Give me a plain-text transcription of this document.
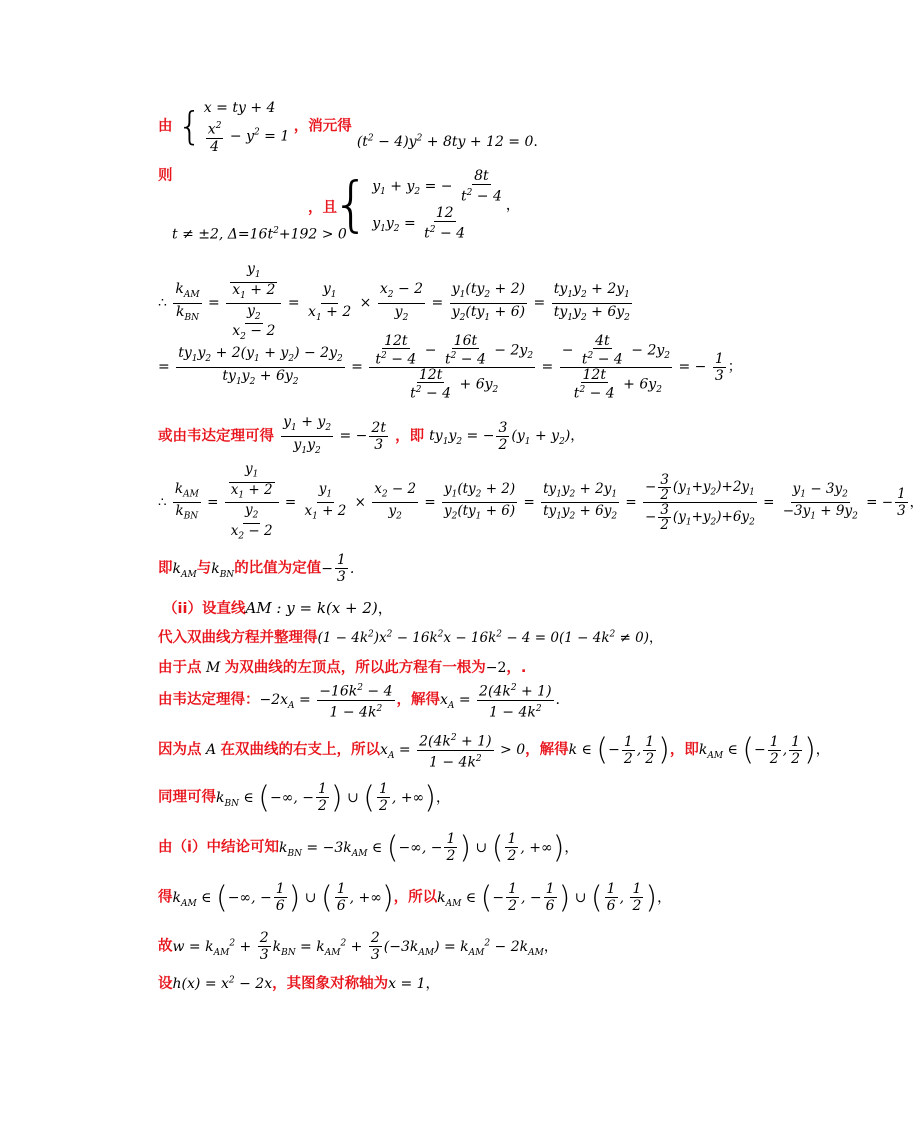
由 { x = ty + 4
$\frac{x^2}{4} - y^2 = 1$
，消元得 $(t^2 - 4)y^2 + 8ty + 12 = 0$.
则
t ≠ ±2, $\Delta=16t^2+192 > 0$
，且
{ $y_1 + y_2$ = − $\frac{8t}{t^2 - 4}$
$y_1y_2 = \frac{12}{t^2 - 4}$	，
∴ $\frac{k_{AM}}{k_{BN}} = \frac{\frac{y_1}{x_1 + 2}}{\frac{y_2}{x_2 - 2}} = \frac{y_1}{x_1 + 2} \times \frac{x_2 - 2}{y_2} = \frac{y_1(ty_2 + 2)}{y_2(ty_1 + 6)} = \frac{ty_1y_2 + 2y_1}{ty_1y_2 + 6y_2}$
= $\frac{ty_1y_2 + 2(y_1 + y_2) - 2y_2}{ty_1y_2 + 6y_2} = \frac{\frac{12t}{t^2 - 4} - \frac{16t}{t^2 - 4} - 2y_2}{\frac{12t}{t^2 - 4} + 6y_2} = \frac{- \frac{4t}{t^2 - 4} - 2y_2}{\frac{12t}{t^2 - 4} + 6y_2}$ = − $\frac{1}{3}$ ；
或由韦达定理可得 $\frac{y_1 + y_2}{y_1y_2}$ = − $\frac{2t}{3}$ ，即 $ty_1y_2$ = − $\frac{3}{2} (y_1 + y_2)$，
∴ $\frac{k_{AM}}{k_{BN}} = \frac{\frac{y_1}{x_1 + 2}}{\frac{y_2}{x_2 - 2}} = \frac{y_1}{x_1 + 2} \times \frac{x_2 - 2}{y_2} = \frac{y_1(ty_2 + 2)}{y_2(ty_1 + 6)} = \frac{ty_1y_2 + 2y_1}{ty_1y_2 + 6y_2} = \frac{- \frac{3}{2} (y_1+y_2)+2y_1}{- \frac{3}{2} (y_1+y_2)+6y_2} = \frac{y_1 - 3y_2}{-3y_1 + 9y_2}$ = − $\frac{1}{3}$ ，
即$k_{AM}$与$k_{BN}$的比值为定值− $\frac{1}{3}$ .
（ii）设直线AM : y = k(x + 2)，
代入双曲线方程并整理得$(1 - 4k^2)x^2 - 16k^2x - 16k^2 - 4 = 0(1 - 4k^2 \ne 0)$，
由于点 M 为双曲线的左顶点，所以此方程有一根为−2，.
由韦达定理得：$-2x_A = \frac{-16k^2 - 4}{1 - 4k^2}$ ，解得$x_A = \frac{2(4k^2 + 1)}{1 - 4k^2}$ .
因为点 A 在双曲线的右支上，所以$x_A = \frac{2(4k^2 + 1)}{1 - 4k^2} > 0$，解得k ∈ (− $\frac{1}{2}$ , $\frac{1}{2}$ )，即$k_{AM}$ ∈ (− $\frac{1}{2}$ , $\frac{1}{2}$ )，
同理可得$k_{BN}$ ∈ (−∞, − $\frac{1}{2}$ ) ∪ ( $\frac{1}{2}$ , +∞)，
由（i）中结论可知$k_{BN} = -3k_{AM}$ ∈ (−∞, − $\frac{1}{2}$ ) ∪ ( $\frac{1}{2}$ , +∞)，
得$k_{AM}$ ∈ (−∞, − $\frac{1}{6}$ ) ∪ ( $\frac{1}{6}$ , +∞)，所以$k_{AM}$ ∈ (− $\frac{1}{2}$ , − $\frac{1}{6}$ ) ∪ ( $\frac{1}{6}$ , $\frac{1}{2}$ )，
故$w = k_{AM}^2 + \frac{2}{3} k_{BN} = k_{AM}^2 + \frac{2}{3} (-3k_{AM}) = k_{AM}^2 - 2k_{AM}$，
设$h(x) = x^2 - 2x$，其图象对称轴为x = 1，
